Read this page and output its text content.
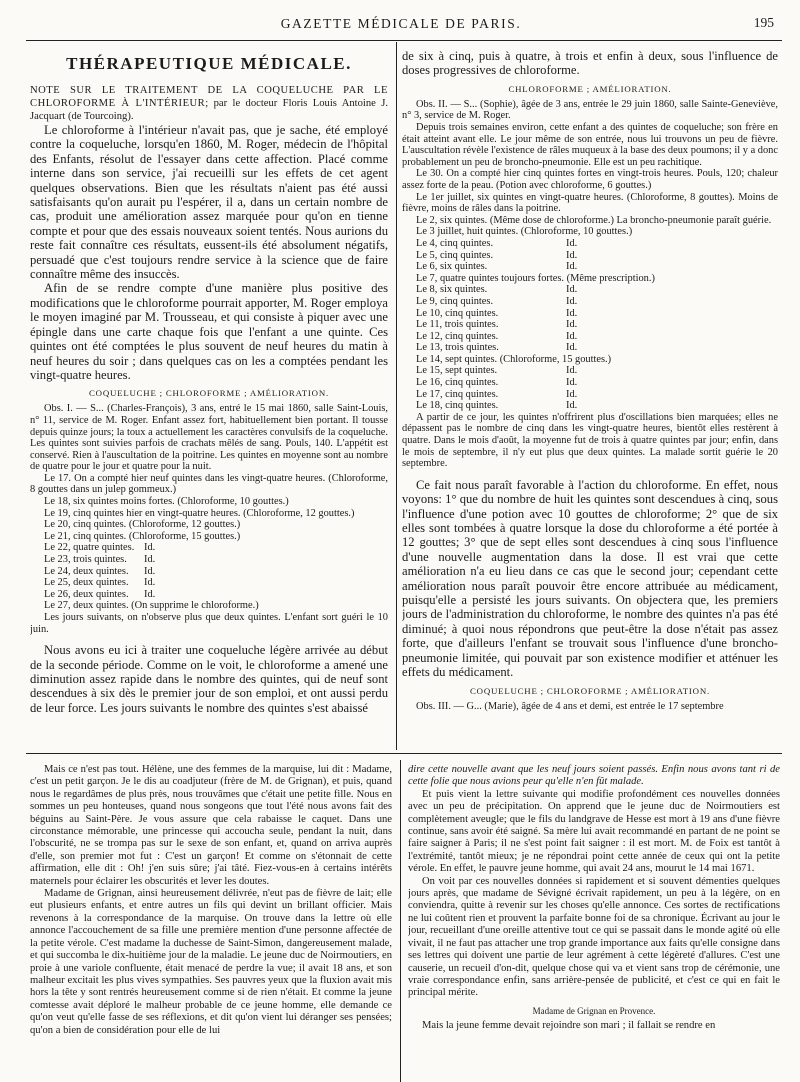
GAZETTE MÉDICALE DE PARIS.	195
THÉRAPEUTIQUE MÉDICALE.

NOTE SUR LE TRAITEMENT DE LA COQUELUCHE PAR LE CHLOROFORME À L'INTÉRIEUR; par le docteur Floris Louis Antoine J. Jacquart (de Tourcoing).

Le chloroforme à l'intérieur n'avait pas, que je sache, été employé contre la coqueluche, lorsqu'en 1860, M. Roger, médecin de l'hôpital des Enfants, résolut de l'essayer dans cette affection. Placé comme interne dans son service, j'ai recueilli sur les effets de cet agent quelques observations. Bien que les résultats n'aient pas été aussi satisfaisants qu'on aurait pu l'espérer, il a, dans un certain nombre de cas, produit une amélioration assez marquée pour qu'on en tienne compte et pour que des essais nouveaux soient tentés. Nous aurions du reste fait connaître ces résultats, eussent-ils été absolument négatifs, persuadé que c'est toujours rendre service à la science que de faire connaître même des insuccès.

Afin de se rendre compte d'une manière plus positive des modifications que le chloroforme pourrait apporter, M. Roger employa le moyen imaginé par M. Trousseau, et qui consiste à piquer avec une épingle dans une carte chaque fois que l'enfant a une quinte. Ces quintes ont été comptées le plus souvent de neuf heures du matin à neuf heures du soir ; dans quelques cas on les a comptées pendant les vingt-quatre heures.

COQUELUCHE ; CHLOROFORME ; AMÉLIORATION.

Obs. I. — S... (Charles-François), 3 ans, entré le 15 mai 1860, salle Saint-Louis, n° 11, service de M. Roger. Enfant assez fort, habituellement bien portant. Il tousse depuis quinze jours; la toux a actuellement les caractères convulsifs de la coqueluche. Les quintes sont suivies parfois de crachats mêlés de sang. Pouls, 140. L'appétit est conservé. Rien à l'auscultation de la poitrine. Les quintes en moyenne sont au nombre de quatre pour le jour et quatre pour la nuit.

Le 17. On a compté hier neuf quintes dans les vingt-quatre heures. (Chloroforme, 8 gouttes dans un julep gommeux.)

Le 18, six quintes moins fortes. (Chloroforme, 10 gouttes.)
Le 19, cinq quintes hier en vingt-quatre heures. (Chloroforme, 12 gouttes.)
Le 20, cinq quintes. (Chloroforme, 12 gouttes.)
Le 21, cinq quintes. (Chloroforme, 15 gouttes.)
Le 22, quatre quintes. Id.
Le 23, trois quintes.	Id.
Le 24, deux quintes.	Id.
Le 25, deux quintes.	Id.
Le 26, deux quintes.	Id.
Le 27, deux quintes. (On supprime le chloroforme.)

Les jours suivants, on n'observe plus que deux quintes. L'enfant sort guéri le 10 juin.

Nous avons eu ici à traiter une coqueluche légère arrivée au début de la seconde période. Comme on le voit, le chloroforme a amené une diminution assez rapide dans le nombre des quintes, qui de neuf sont descendues à six dès le premier jour de son emploi, et ont aussi perdu de leur force. Les jours suivants le nombre des quintes s'est abaissé

de six à cinq, puis à quatre, à trois et enfin à deux, sous l'influence de doses progressives de chloroforme.

CHLOROFORME ; AMÉLIORATION.

Obs. II. — S... (Sophie), âgée de 3 ans, entrée le 29 juin 1860, salle Sainte-Geneviève, n° 3, service de M. Roger.

Depuis trois semaines environ, cette enfant a des quintes de coqueluche; son frère en était atteint avant elle. Le jour même de son entrée, nous lui trouvons un peu de fièvre. L'auscultation révèle l'existence de râles muqueux à la base des deux poumons; il y a donc probablement un peu de broncho-pneumonie. Elle est un peu rachitique.

Le 30. On a compté hier cinq quintes fortes en vingt-trois heures. Pouls, 120; chaleur assez forte de la peau. (Potion avec chloroforme, 6 gouttes.)

Le 1er juillet, six quintes en vingt-quatre heures. (Chloroforme, 8 gouttes). Moins de fièvre, moins de râles dans la poitrine.

Le 2, six quintes. (Même dose de chloroforme.) La broncho-pneumonie paraît guérie.

Le 3 juillet, huit quintes. (Chloroforme, 10 gouttes.)
Le 4, cinq quintes.	Id.
Le 5, cinq quintes.	Id.
Le 6, six quintes.	Id.
Le 7, quatre quintes toujours fortes. (Même prescription.)
Le 8, six quintes.	Id.
Le 9, cinq quintes.	Id.
Le 10, cinq quintes.	Id.
Le 11, trois quintes.	Id.
Le 12, cinq quintes.	Id.
Le 13, trois quintes.	Id.
Le 14, sept quintes. (Chloroforme, 15 gouttes.)
Le 15, sept quintes.	Id.
Le 16, cinq quintes.	Id.
Le 17, cinq quintes.	Id.
Le 18, cinq quintes.	Id.

A partir de ce jour, les quintes n'offrirent plus d'oscillations bien marquées; elles ne dépassent pas le nombre de cinq dans les vingt-quatre heures, bientôt elles restèrent à quatre. Dans le mois d'août, la moyenne fut de trois à quatre quintes par jour; enfin, dans le mois de septembre, il n'y eut plus que deux quintes. La malade sortit guérie le 20 septembre.

Ce fait nous paraît favorable à l'action du chloroforme. En effet, nous voyons: 1° que du nombre de huit les quintes sont descendues à cinq, sous l'influence d'une potion avec 10 gouttes de chloroforme; 2° que de six elles sont tombées à quatre lorsque la dose du chloroforme a été portée à 12 gouttes; 3° que de sept elles sont descendues à cinq sous l'influence d'une nouvelle augmentation dans la dose. Il est vrai que cette amélioration n'a eu lieu dans ce cas que le second jour; cependant cette amélioration nous paraît pouvoir être encore attribuée au médicament, puisqu'elle a persisté les jours suivants. On objectera que, les premiers jours de l'administration du chloroforme, le nombre des quintes n'a pas été diminué; à quoi nous répondrons que peut-être la dose n'était pas assez forte, que d'ailleurs l'enfant se trouvait sous l'influence d'une broncho-pneumonie limitée, qui pouvait par son existence modifier et atténuer les effets du médicament.

COQUELUCHE ; CHLOROFORME ; AMÉLIORATION.

Obs. III. — G... (Marie), âgée de 4 ans et demi, est entrée le 17 septembre

Mais ce n'est pas tout. Hélène, une des femmes de la marquise, lui dit : Madame, c'est un petit garçon. Je le dis au coadjuteur (frère de M. de Grignan), et puis, quand nous le regardâmes de plus près, nous trouvâmes que c'était une petite fille. Nous en sommes un peu honteuses, quand nous songeons que tout l'été nous avons fait des béguins au Saint-Père. Je vous assure que cela rabaisse le caquet. Dans une circonstance mémorable, une princesse qui accoucha seule, pendant la nuit, dans l'obscurité, ne se trompa pas sur le sexe de son enfant, et, quand on arriva auprès d'elle, son premier mot fut : C'est un garçon! Et comme on s'étonnait de cette affirmation, elle dit : Oh! j'en suis sûre; j'ai tâté. Fiez-vous-en à certains intérêts maternels pour éclairer les obscurités et lever les doutes.

Madame de Grignan, ainsi heureusement délivrée, n'eut pas de fièvre de lait; elle eut plusieurs enfants, et entre autres un fils qui devint un brillant officier. Mais revenons à la correspondance de la marquise. On trouve dans la lettre où elle annonce l'accouchement de sa fille une première mention d'une personne affectée de la petite vérole. C'est madame la duchesse de Saint-Simon, dangereusement malade, et qui succomba le dix-huitième jour de la maladie. Le jeune duc de Noirmoutiers, en proie à une variole confluente, était menacé de perdre la vue; il avait 18 ans, et son malheur excitait les plus vives sympathies. Ses pauvres yeux que la fluxion avait mis hors la tête y sont rentrés heureusement comme si de rien n'était. Et comme la jeune comtesse avait déploré le malheur probable de ce jeune homme, elle demande ce qu'on veut qu'elle fasse de ses réflexions, et dit qu'on vient lui déranger ses pensées; qu'on a bien de considération pour elle de lui

dire cette nouvelle avant que les neuf jours soient passés. Enfin nous avons tant ri de cette folie que nous avions peur qu'elle n'en fût malade.

Et puis vient la lettre suivante qui modifie profondément ces nouvelles données avec un peu de précipitation. On apprend que le jeune duc de Noirmoutiers est complètement aveugle; que le fils du landgrave de Hesse est mort à 19 ans d'une fièvre continue, sans avoir été saigné. Sa mère lui avait recommandé en partant de ne point se faire saigner à Paris; il ne s'est point fait saigner : il est mort. M. de Foix est tantôt à l'extrémité, tantôt mieux; je ne répondrai point cette année de ceux qui ont la petite vérole. En effet, le pauvre jeune homme, qui avait 24 ans, mourut le 14 mai 1671.

On voit par ces nouvelles données si rapidement et si souvent démenties quelques jours après, que madame de Sévigné écrivait rapidement, un peu à la légère, on en conviendra, quitte à revenir sur les choses qu'elle annonce. Ces sortes de rectifications ne lui coûtent rien et prouvent la parfaite bonne foi de sa chronique. Écrivant au jour le jour, recueillant d'une oreille attentive tout ce qui se passait dans le monde agité où elle vivait, il ne faut pas attacher une trop grande importance aux faits qu'elle consigne dans ses lettres qui doivent une partie de leur agrément à cette légèreté d'allures. C'est une causerie, un recueil d'on-dit, quelque chose qui va et vient sans trop de cérémonie, une vraie correspondance enfin, sans arrière-pensée de publicité, et c'est ce qui en fait le principal mérite.

Madame de Grignan en Provence.

Mais la jeune femme devait rejoindre son mari ; il fallait se rendre en
